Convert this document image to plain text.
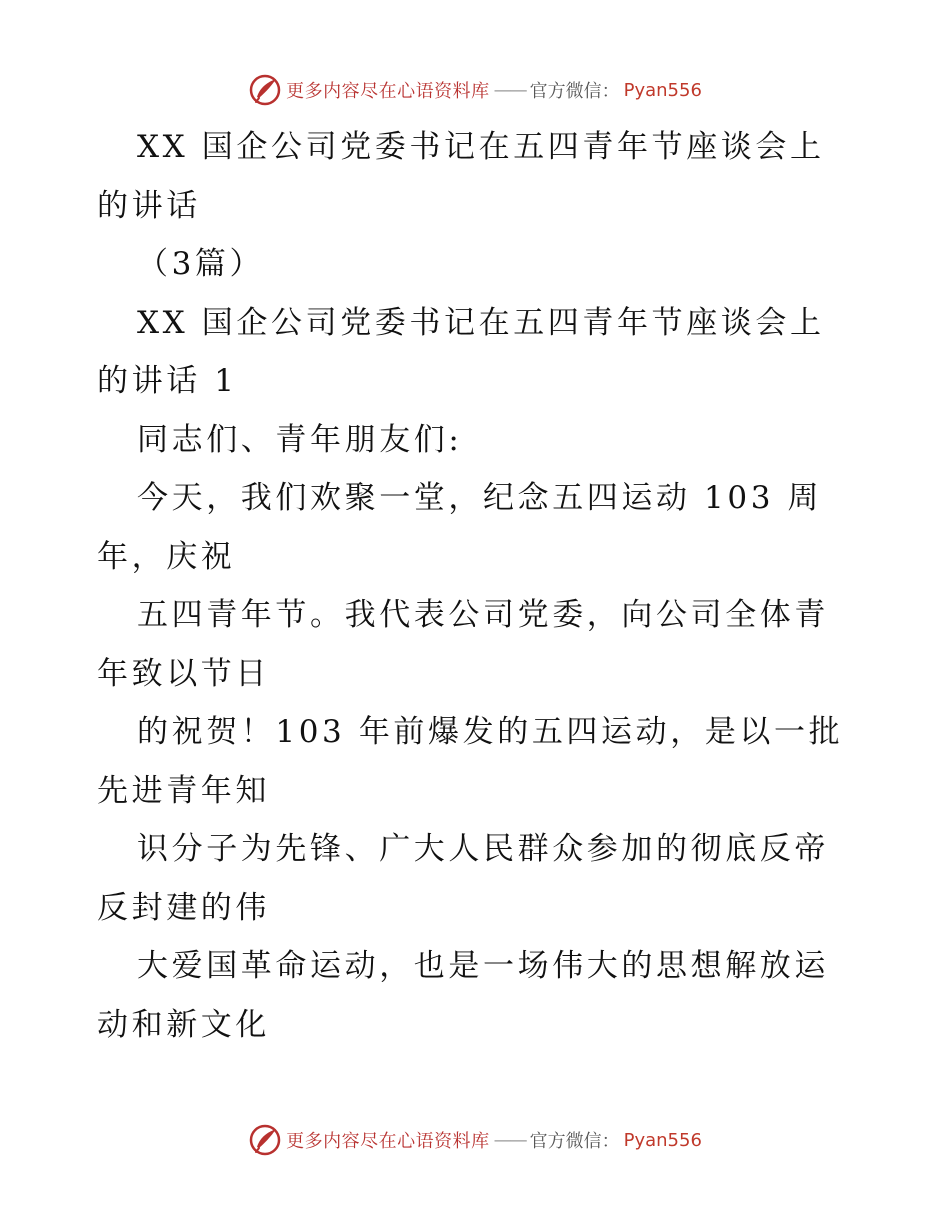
更多内容尽在心语资料库 —— 官方微信： Pyan556

XX 国企公司党委书记在五四青年节座谈会上的讲话

（3篇）

XX 国企公司党委书记在五四青年节座谈会上的讲话 1

同志们、青年朋友们:

今天，我们欢聚一堂，纪念五四运动 103 周

年，庆祝

五四青年节。我代表公司党委，向公司全体青年致以节日

的祝贺！103 年前爆发的五四运动，是以一批先进青年知

识分子为先锋、广大人民群众参加的彻底反帝反封建的伟

大爱国革命运动，也是一场伟大的思想解放运动和新文化

更多内容尽在心语资料库 —— 官方微信： Pyan556
